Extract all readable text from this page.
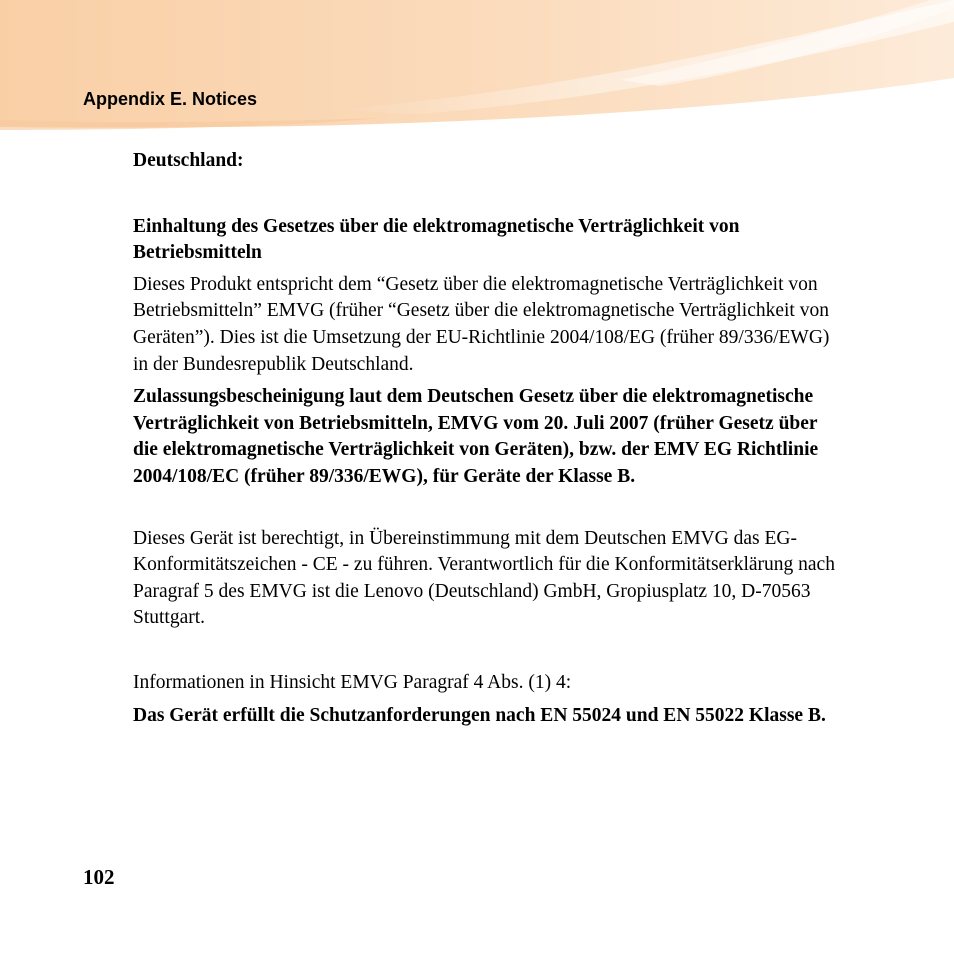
Appendix E. Notices

Deutschland:

Einhaltung des Gesetzes über die elektromagnetische Verträglichkeit von Betriebsmitteln

Dieses Produkt entspricht dem “Gesetz über die elektromagnetische Verträglichkeit von Betriebsmitteln” EMVG (früher “Gesetz über die elektromagnetische Verträglichkeit von Geräten”). Dies ist die Umsetzung der EU-Richtlinie 2004/108/EG (früher 89/336/EWG) in der Bundesrepublik Deutschland.

Zulassungsbescheinigung laut dem Deutschen Gesetz über die elektromagnetische Verträglichkeit von Betriebsmitteln, EMVG vom 20. Juli 2007 (früher Gesetz über die elektromagnetische Verträglichkeit von Geräten), bzw. der EMV EG Richtlinie 2004/108/EC (früher 89/336/EWG), für Geräte der Klasse B.

Dieses Gerät ist berechtigt, in Übereinstimmung mit dem Deutschen EMVG das EG-Konformitätszeichen - CE - zu führen. Verantwortlich für die Konformitätserklärung nach Paragraf 5 des EMVG ist die Lenovo (Deutschland) GmbH, Gropiusplatz 10, D-70563 Stuttgart.

Informationen in Hinsicht EMVG Paragraf 4 Abs. (1) 4:

Das Gerät erfüllt die Schutzanforderungen nach EN 55024 und EN 55022 Klasse B.

102
